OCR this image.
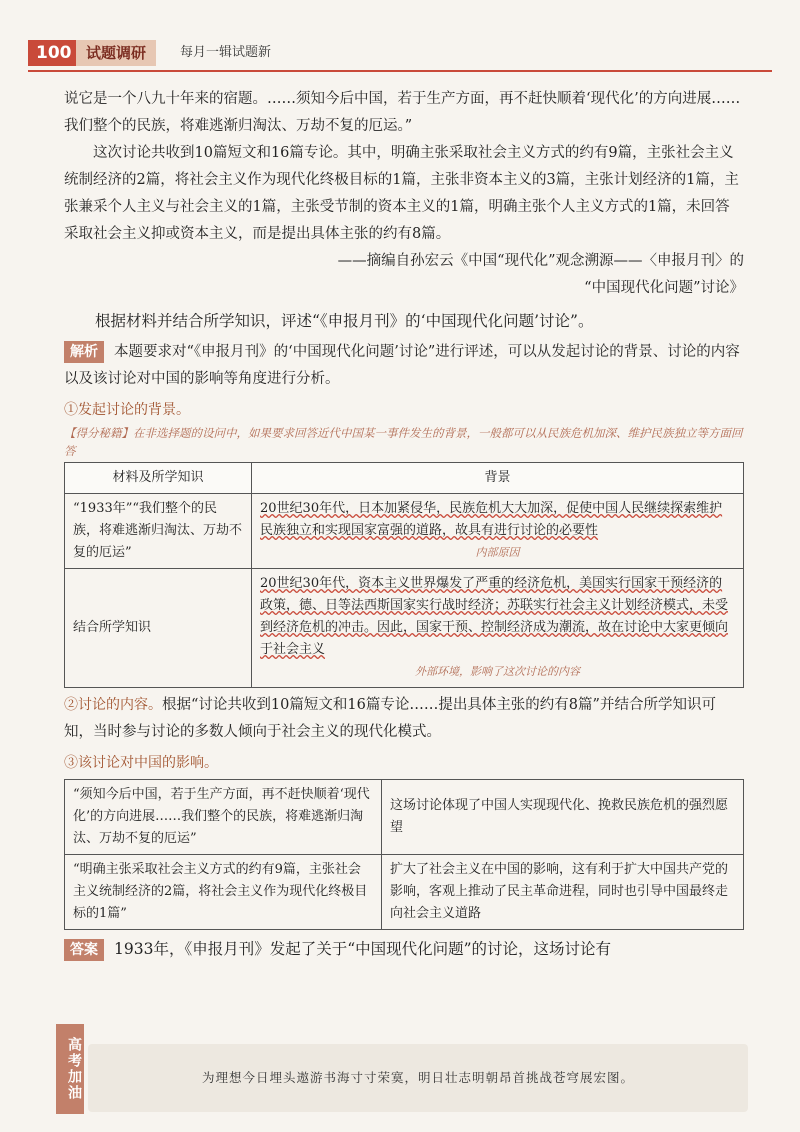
100 试题调研	每月一辑试题新

说它是一个八九十年来的宿题。……须知今后中国，若于生产方面，再不赶快顺着‘现代化’的方向进展……我们整个的民族，将难逃渐归淘汰、万劫不复的厄运。”

这次讨论共收到10篇短文和16篇专论。其中，明确主张采取社会主义方式的约有9篇，主张社会主义统制经济的2篇，将社会主义作为现代化终极目标的1篇，主张非资本主义的3篇，主张计划经济的1篇，主张兼采个人主义与社会主义的1篇，主张受节制的资本主义的1篇，明确主张个人主义方式的1篇，未回答采取社会主义抑或资本主义，而是提出具体主张的约有8篇。

——摘编自孙宏云《中国“现代化”观念溯源——〈申报月刊〉的

“中国现代化问题”讨论》

根据材料并结合所学知识，评述“《申报月刊》的‘中国现代化问题’讨论”。

解析 本题要求对“《申报月刊》的‘中国现代化问题’讨论”进行评述，可以从发起讨论的背景、讨论的内容以及该讨论对中国的影响等角度进行分析。

①发起讨论的背景。

【得分秘籍】在非选择题的设问中，如果要求回答近代中国某一事件发生的背景，一般都可以从民族危机加深、维护民族独立等方面回答
材料及所学知识	背景
“1933年”“我们整个的民族，将难逃渐归淘汰、万劫不复的厄运”	20世纪30年代，日本加紧侵华，民族危机大大加深，促使中国人民继续探索维护民族独立和实现国家富强的道路，故具有进行讨论的必要性
内部原因

结合所学知识	20世纪30年代，资本主义世界爆发了严重的经济危机，美国实行国家干预经济的政策，德、日等法西斯国家实行战时经济；苏联实行社会主义计划经济模式，未受到经济危机的冲击。因此，国家干预、控制经济成为潮流，故在讨论中大家更倾向于社会主义
外部环境，影响了这次讨论的内容

②讨论的内容。根据“讨论共收到10篇短文和16篇专论……提出具体主张的约有8篇”并结合所学知识可知，当时参与讨论的多数人倾向于社会主义的现代化模式。

③该讨论对中国的影响。

“须知今后中国，若于生产方面，再不赶快顺着‘现代化’的方向进展……我们整个的民族，将难逃渐归淘汰、万劫不复的厄运”	这场讨论体现了中国人实现现代化、挽救民族危机的强烈愿望
“明确主张采取社会主义方式的约有9篇，主张社会主义统制经济的2篇，将社会主义作为现代化终极目标的1篇”	扩大了社会主义在中国的影响，这有利于扩大中国共产党的影响，客观上推动了民主革命进程，同时也引导中国最终走向社会主义道路

答案 1933年，《申报月刊》发起了关于“中国现代化问题”的讨论，这场讨论有

高考加油	为理想今日埋头遨游书海寸寸荣寞，明日壮志明朝昂首挑战苍穹展宏图。
